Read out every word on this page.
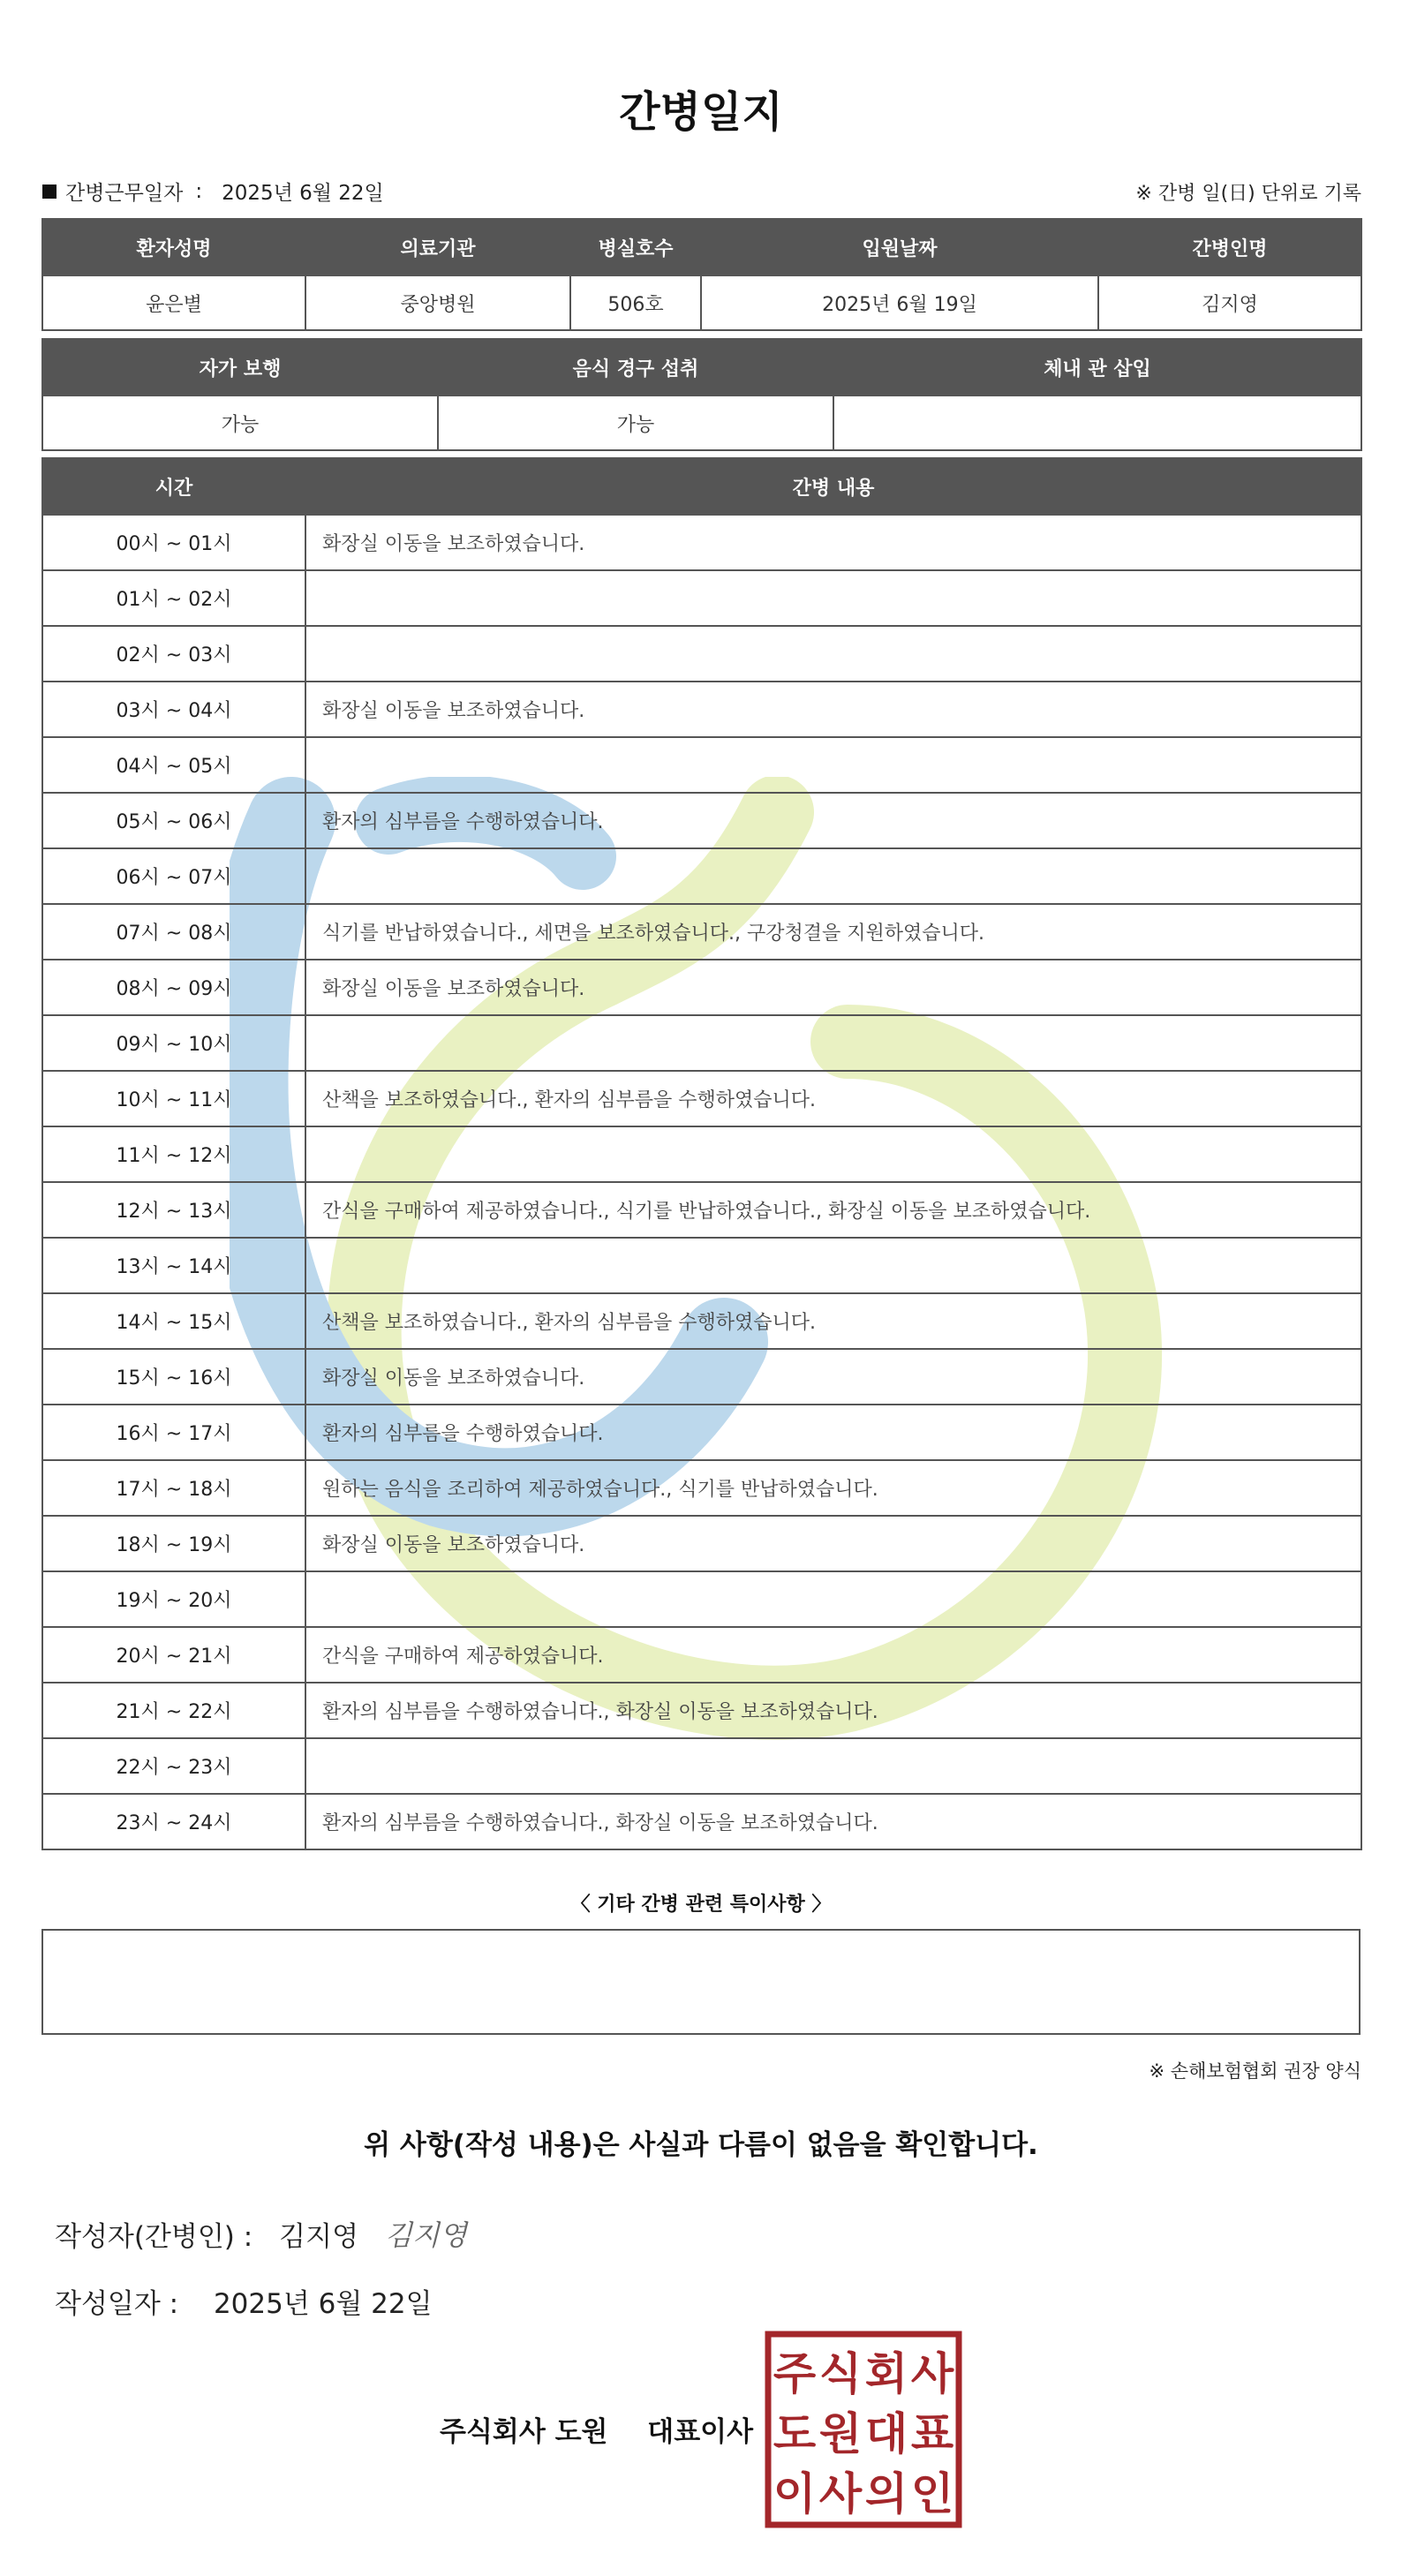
간병일지
간병근무일자 : 2025년 6월 22일	※ 간병 일(日) 단위로 기록
환자성명	의료기관	병실호수	입원날짜	간병인명
윤은별	중앙병원	506호	2025년 6월 19일	김지영
자가 보행	음식 경구 섭취	체내 관 삽입
가능	가능	
시간	간병 내용
00시 ~ 01시	화장실 이동을 보조하였습니다.
01시 ~ 02시	
02시 ~ 03시	
03시 ~ 04시	화장실 이동을 보조하였습니다.
04시 ~ 05시	
05시 ~ 06시	환자의 심부름을 수행하였습니다.
06시 ~ 07시	
07시 ~ 08시	식기를 반납하였습니다., 세면을 보조하였습니다., 구강청결을 지원하였습니다.
08시 ~ 09시	화장실 이동을 보조하였습니다.
09시 ~ 10시	
10시 ~ 11시	산책을 보조하였습니다., 환자의 심부름을 수행하였습니다.
11시 ~ 12시	
12시 ~ 13시	간식을 구매하여 제공하였습니다., 식기를 반납하였습니다., 화장실 이동을 보조하였습니다.
13시 ~ 14시	
14시 ~ 15시	산책을 보조하였습니다., 환자의 심부름을 수행하였습니다.
15시 ~ 16시	화장실 이동을 보조하였습니다.
16시 ~ 17시	환자의 심부름을 수행하였습니다.
17시 ~ 18시	원하는 음식을 조리하여 제공하였습니다., 식기를 반납하였습니다.
18시 ~ 19시	화장실 이동을 보조하였습니다.
19시 ~ 20시	
20시 ~ 21시	간식을 구매하여 제공하였습니다.
21시 ~ 22시	환자의 심부름을 수행하였습니다., 화장실 이동을 보조하였습니다.
22시 ~ 23시	
23시 ~ 24시	환자의 심부름을 수행하였습니다., 화장실 이동을 보조하였습니다.
〈 기타 간병 관련 특이사항 〉
※ 손해보험협회 권장 양식
위 사항(작성 내용)은 사실과 다름이 없음을 확인합니다.
작성자(간병인) : 김지영 김지영
작성일자 : 2025년 6월 22일
주식회사 도원 대표이사
주 식 회 사
도 원 대 표
이 사 의 인
